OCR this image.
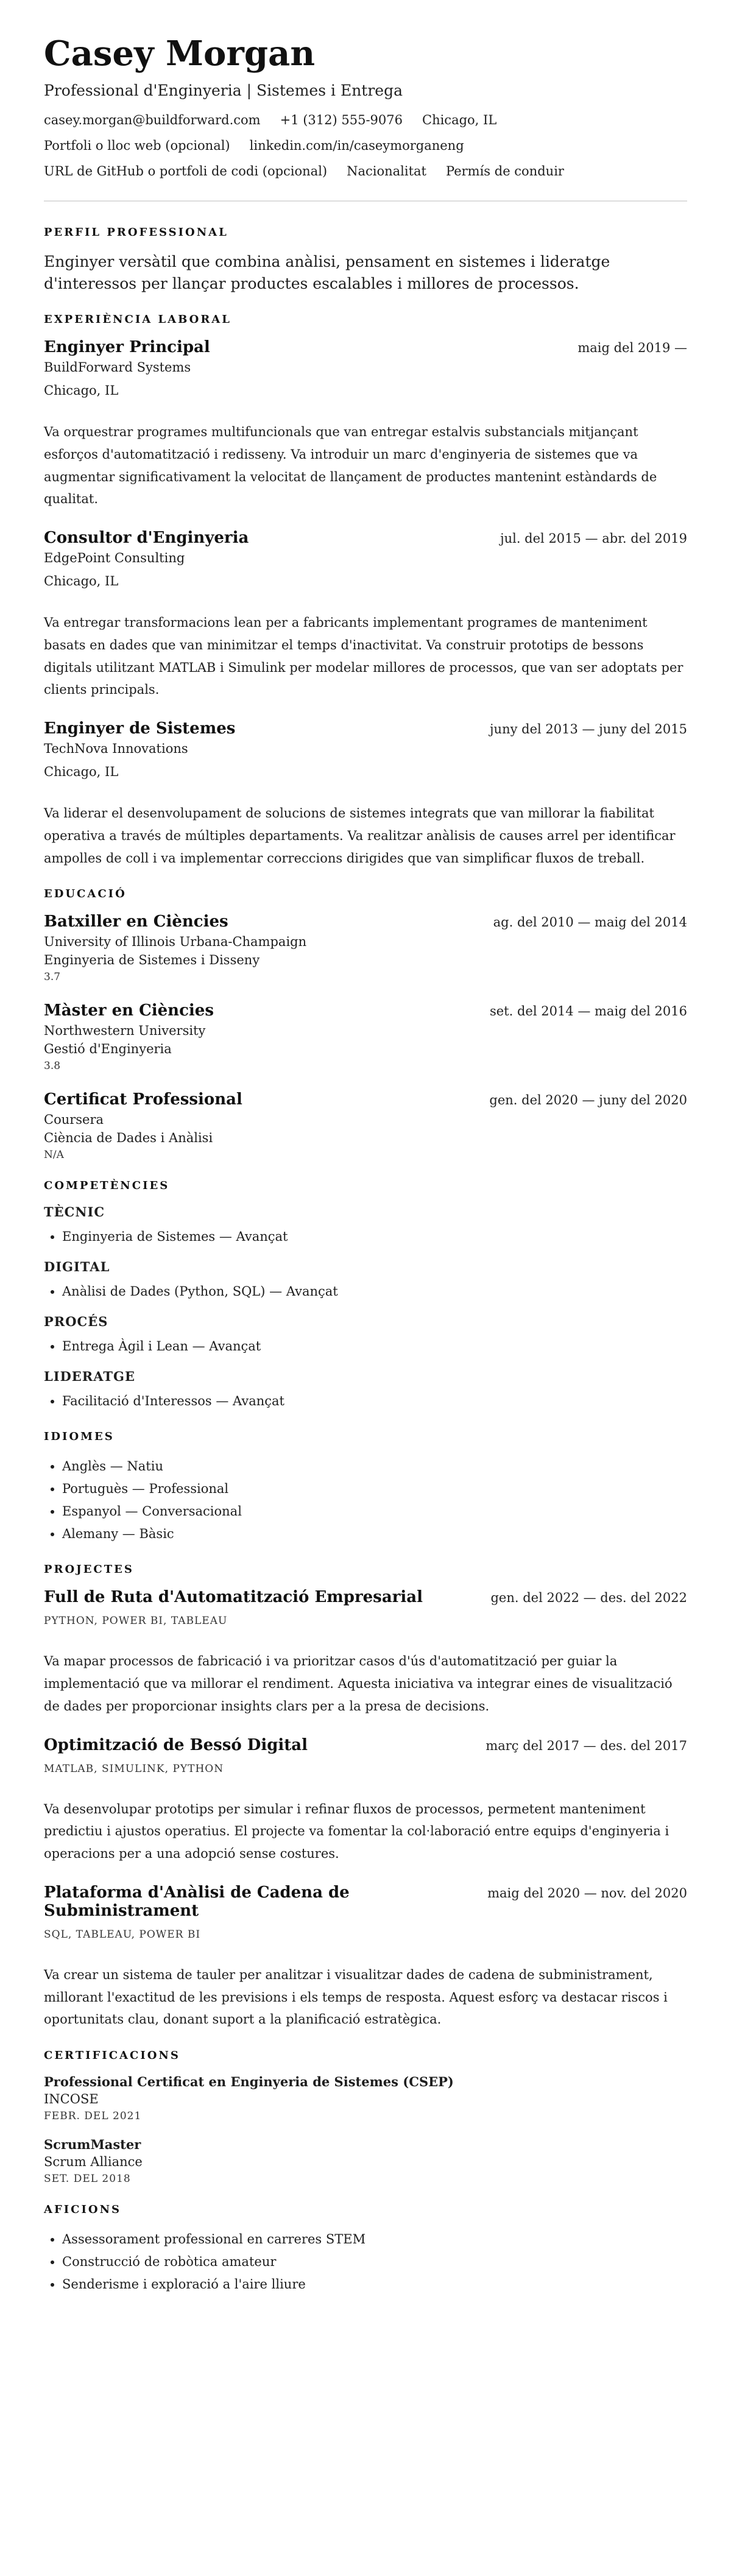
Casey Morgan
Professional d'Enginyeria | Sistemes i Entrega
casey.morgan@buildforward.com +1 (312) 555-9076 Chicago, IL
Portfoli o lloc web (opcional) linkedin.com/in/caseymorganeng
URL de GitHub o portfoli de codi (opcional) Nacionalitat Permís de conduir
PERFIL PROFESSIONAL

Enginyer versàtil que combina anàlisi, pensament en sistemes i lideratge d'interessos per llançar productes escalables i millores de processos.

EXPERIÈNCIA LABORAL
Enginyer Principal	maig del 2019 —
BuildForward Systems
Chicago, IL
Va orquestrar programes multifuncionals que van entregar estalvis substancials mitjançant esforços d'automatització i redisseny. Va introduir un marc d'enginyeria de sistemes que va augmentar significativament la velocitat de llançament de productes mantenint estàndards de qualitat.
Consultor d'Enginyeria	jul. del 2015 — abr. del 2019
EdgePoint Consulting
Chicago, IL
Va entregar transformacions lean per a fabricants implementant programes de manteniment basats en dades que van minimitzar el temps d'inactivitat. Va construir prototips de bessons digitals utilitzant MATLAB i Simulink per modelar millores de processos, que van ser adoptats per clients principals.
Enginyer de Sistemes	juny del 2013 — juny del 2015
TechNova Innovations
Chicago, IL
Va liderar el desenvolupament de solucions de sistemes integrats que van millorar la fiabilitat operativa a través de múltiples departaments. Va realitzar anàlisis de causes arrel per identificar ampolles de coll i va implementar correccions dirigides que van simplificar fluxos de treball.
EDUCACIÓ
Batxiller en Ciències	ag. del 2010 — maig del 2014
University of Illinois Urbana-Champaign
Enginyeria de Sistemes i Disseny
3.7
Màster en Ciències	set. del 2014 — maig del 2016
Northwestern University
Gestió d'Enginyeria
3.8
Certificat Professional	gen. del 2020 — juny del 2020
Coursera
Ciència de Dades i Anàlisi
N/A
COMPETÈNCIES
TÈCNIC
• Enginyeria de Sistemes — Avançat
DIGITAL
• Anàlisi de Dades (Python, SQL) — Avançat
PROCÉS
• Entrega Àgil i Lean — Avançat
LIDERATGE
• Facilitació d'Interessos — Avançat
IDIOMES
• Anglès — Natiu
• Portuguès — Professional
• Espanyol — Conversacional
• Alemany — Bàsic
PROJECTES
Full de Ruta d'Automatització Empresarial	gen. del 2022 — des. del 2022
PYTHON, POWER BI, TABLEAU
Va mapar processos de fabricació i va prioritzar casos d'ús d'automatització per guiar la implementació que va millorar el rendiment. Aquesta iniciativa va integrar eines de visualització de dades per proporcionar insights clars per a la presa de decisions.
Optimització de Bessó Digital	març del 2017 — des. del 2017
MATLAB, SIMULINK, PYTHON
Va desenvolupar prototips per simular i refinar fluxos de processos, permetent manteniment predictiu i ajustos operatius. El projecte va fomentar la col·laboració entre equips d'enginyeria i operacions per a una adopció sense costures.
Plataforma d'Anàlisi de Cadena de Subministrament
maig del 2020 — nov. del 2020
SQL, TABLEAU, POWER BI
Va crear un sistema de tauler per analitzar i visualitzar dades de cadena de subministrament, millorant l'exactitud de les previsions i els temps de resposta. Aquest esforç va destacar riscos i oportunitats clau, donant suport a la planificació estratègica.
CERTIFICACIONS
Professional Certificat en Enginyeria de Sistemes (CSEP)
INCOSE
FEBR. DEL 2021
ScrumMaster
Scrum Alliance
SET. DEL 2018
AFICIONS
• Assessorament professional en carreres STEM
• Construcció de robòtica amateur
• Senderisme i exploració a l'aire lliure
